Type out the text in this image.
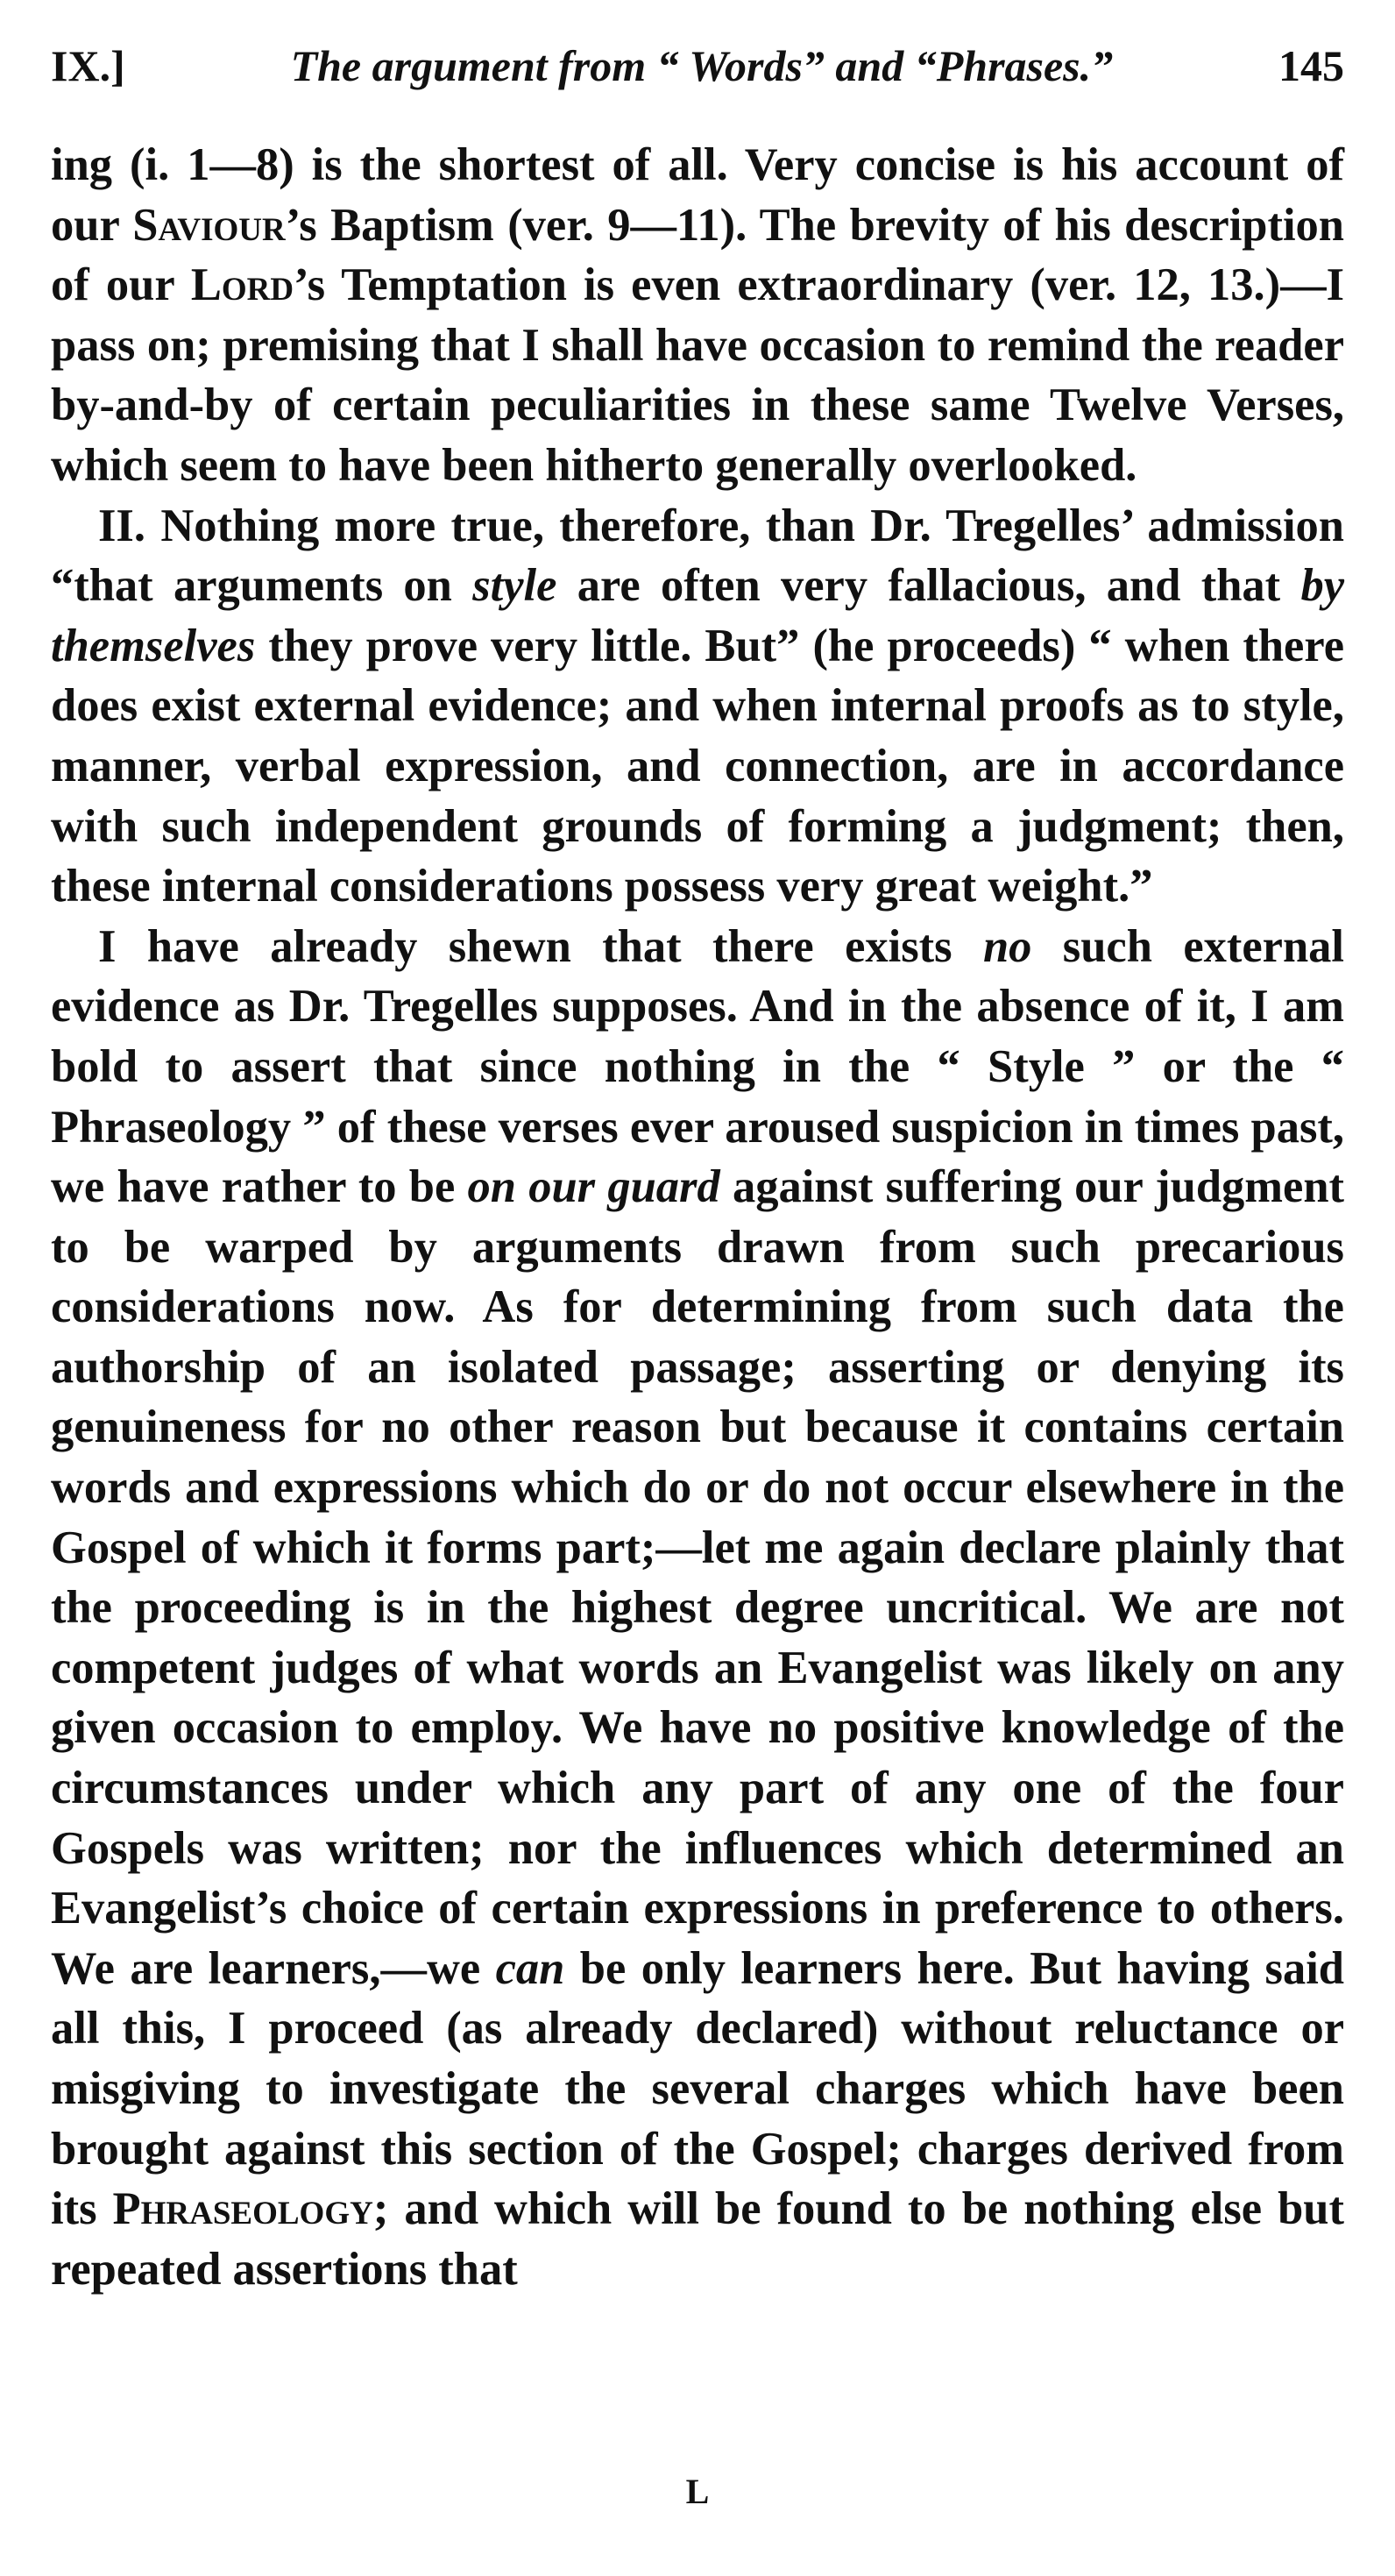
IX.]	The argument from “ Words” and “Phrases.”	145

ing (i. 1—8) is the shortest of all. Very concise is his account of our Saviour’s Baptism (ver. 9—11). The brevity of his description of our Lord’s Temptation is even extraordinary (ver. 12, 13.)—I pass on; premising that I shall have occasion to remind the reader by-and-by of certain peculiarities in these same Twelve Verses, which seem to have been hitherto generally overlooked.

II. Nothing more true, therefore, than Dr. Tregelles’ admission “that arguments on style are often very fallacious, and that by themselves they prove very little. But” (he proceeds) “ when there does exist external evidence; and when internal proofs as to style, manner, verbal expression, and connection, are in accordance with such independent grounds of forming a judgment; then, these internal considerations possess very great weight.”

I have already shewn that there exists no such external evidence as Dr. Tregelles supposes. And in the absence of it, I am bold to assert that since nothing in the “ Style ” or the “ Phraseology ” of these verses ever aroused suspicion in times past, we have rather to be on our guard against suffering our judgment to be warped by arguments drawn from such precarious considerations now. As for determining from such data the authorship of an isolated passage; asserting or denying its genuineness for no other reason but because it contains certain words and expressions which do or do not occur elsewhere in the Gospel of which it forms part;—let me again declare plainly that the proceeding is in the highest degree uncritical. We are not competent judges of what words an Evangelist was likely on any given occasion to employ. We have no positive knowledge of the circumstances under which any part of any one of the four Gospels was written; nor the influences which determined an Evangelist’s choice of certain expressions in preference to others. We are learners,—we can be only learners here. But having said all this, I proceed (as already declared) without reluctance or misgiving to investigate the several charges which have been brought against this section of the Gospel; charges derived from its Phraseology; and which will be found to be nothing else but repeated assertions that

L
